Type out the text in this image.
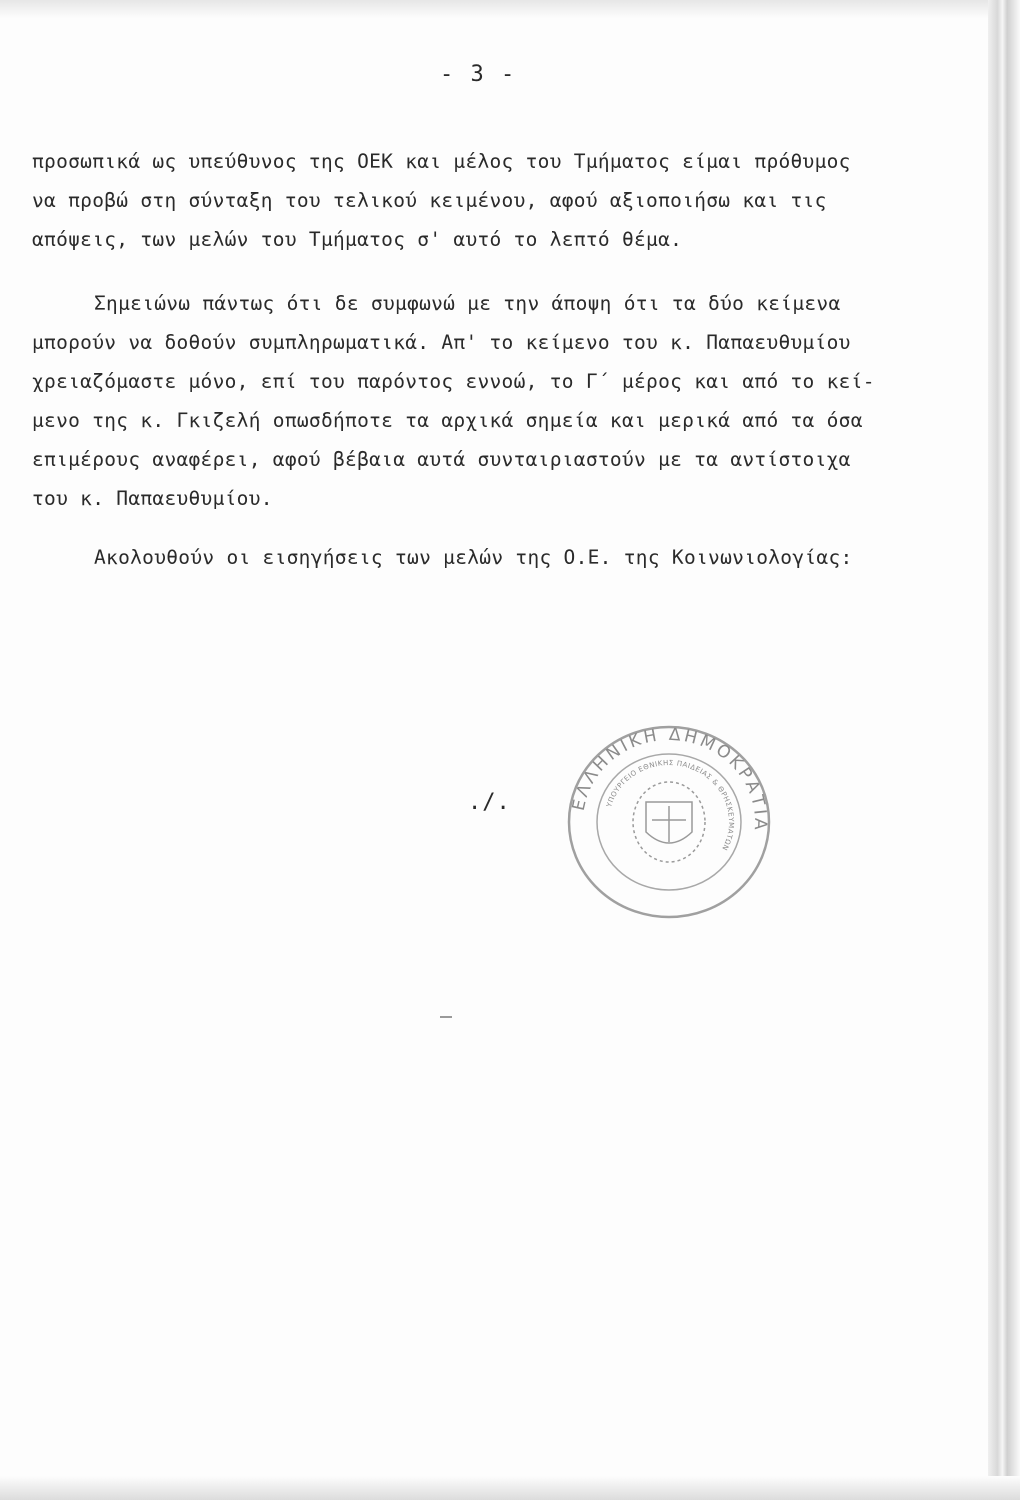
- 3 -
προσωπικά ως υπεύθυνος της ΟΕΚ και μέλος του Τμήματος είμαι πρόθυμος
να προβώ στη σύνταξη του τελικού κειμένου, αφού αξιοποιήσω και τις
απόψεις, των μελών του Τμήματος σ' αυτό το λεπτό θέμα.
Σημειώνω πάντως ότι δε συμφωνώ με την άποψη ότι τα δύο κείμενα
μπορούν να δοθούν συμπληρωματικά. Απ' το κείμενο του κ. Παπαευθυμίου
χρειαζόμαστε μόνο, επί του παρόντος εννοώ, το Γ΄ μέρος και από το κεί-
μενο της κ. Γκιζελή οπωσδήποτε τα αρχικά σημεία και μερικά από τα όσα
επιμέρους αναφέρει, αφού βέβαια αυτά συνταιριαστούν με τα αντίστοιχα
του κ. Παπαευθυμίου.
Ακολουθούν οι εισηγήσεις των μελών της Ο.Ε. της Κοινωνιολογίας:
./.	ΕΛΛΗΝΙΚΗ ΔΗΜΟΚΡΑΤΙΑ
ΥΠΟΥΡΓΕΙΟ ΕΘΝΙΚΗΣ ΠΑΙΔΕΙΑΣ & ΘΡΗΣΚΕΥΜΑΤΩΝ
